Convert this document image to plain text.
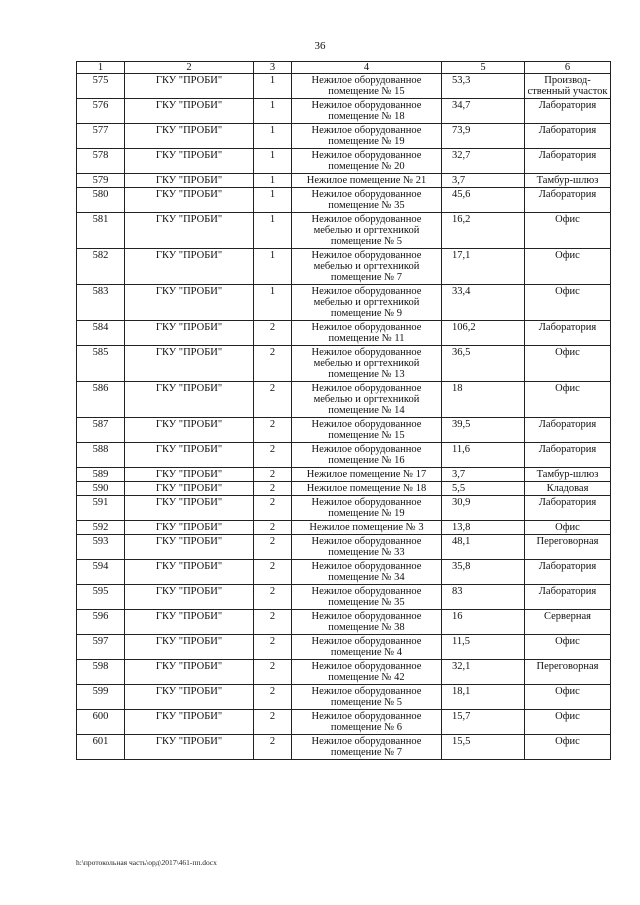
36
1	2	3	4	5	6
575	ГКУ "ПРОБИ"	1	Нежилое оборудованное помещение № 15	53,3	Производ-ственный участок
576	ГКУ "ПРОБИ"	1	Нежилое оборудованное помещение № 18	34,7	Лаборатория
577	ГКУ "ПРОБИ"	1	Нежилое оборудованное помещение № 19	73,9	Лаборатория
578	ГКУ "ПРОБИ"	1	Нежилое оборудованное помещение № 20	32,7	Лаборатория
579	ГКУ "ПРОБИ"	1	Нежилое помещение № 21	3,7	Тамбур-шлюз
580	ГКУ "ПРОБИ"	1	Нежилое оборудованное помещение № 35	45,6	Лаборатория
581	ГКУ "ПРОБИ"	1	Нежилое оборудованное мебелью и оргтехникой помещение № 5	16,2	Офис
582	ГКУ "ПРОБИ"	1	Нежилое оборудованное мебелью и оргтехникой помещение № 7	17,1	Офис
583	ГКУ "ПРОБИ"	1	Нежилое оборудованное мебелью и оргтехникой помещение № 9	33,4	Офис
584	ГКУ "ПРОБИ"	2	Нежилое оборудованное помещение № 11	106,2	Лаборатория
585	ГКУ "ПРОБИ"	2	Нежилое оборудованное мебелью и оргтехникой помещение № 13	36,5	Офис
586	ГКУ "ПРОБИ"	2	Нежилое оборудованное мебелью и оргтехникой помещение № 14	18	Офис
587	ГКУ "ПРОБИ"	2	Нежилое оборудованное помещение № 15	39,5	Лаборатория
588	ГКУ "ПРОБИ"	2	Нежилое оборудованное помещение № 16	11,6	Лаборатория
589	ГКУ "ПРОБИ"	2	Нежилое помещение № 17	3,7	Тамбур-шлюз
590	ГКУ "ПРОБИ"	2	Нежилое помещение № 18	5,5	Кладовая
591	ГКУ "ПРОБИ"	2	Нежилое оборудованное помещение № 19	30,9	Лаборатория
592	ГКУ "ПРОБИ"	2	Нежилое помещение № 3	13,8	Офис
593	ГКУ "ПРОБИ"	2	Нежилое оборудованное помещение № 33	48,1	Переговорная
594	ГКУ "ПРОБИ"	2	Нежилое оборудованное помещение № 34	35,8	Лаборатория
595	ГКУ "ПРОБИ"	2	Нежилое оборудованное помещение № 35	83	Лаборатория
596	ГКУ "ПРОБИ"	2	Нежилое оборудованное помещение № 38	16	Серверная
597	ГКУ "ПРОБИ"	2	Нежилое оборудованное помещение № 4	11,5	Офис
598	ГКУ "ПРОБИ"	2	Нежилое оборудованное помещение № 42	32,1	Переговорная
599	ГКУ "ПРОБИ"	2	Нежилое оборудованное помещение № 5	18,1	Офис
600	ГКУ "ПРОБИ"	2	Нежилое оборудованное помещение № 6	15,7	Офис
601	ГКУ "ПРОБИ"	2	Нежилое оборудованное помещение № 7	15,5	Офис
h:\протокольная часть\орд\2017\461-пп.docx
